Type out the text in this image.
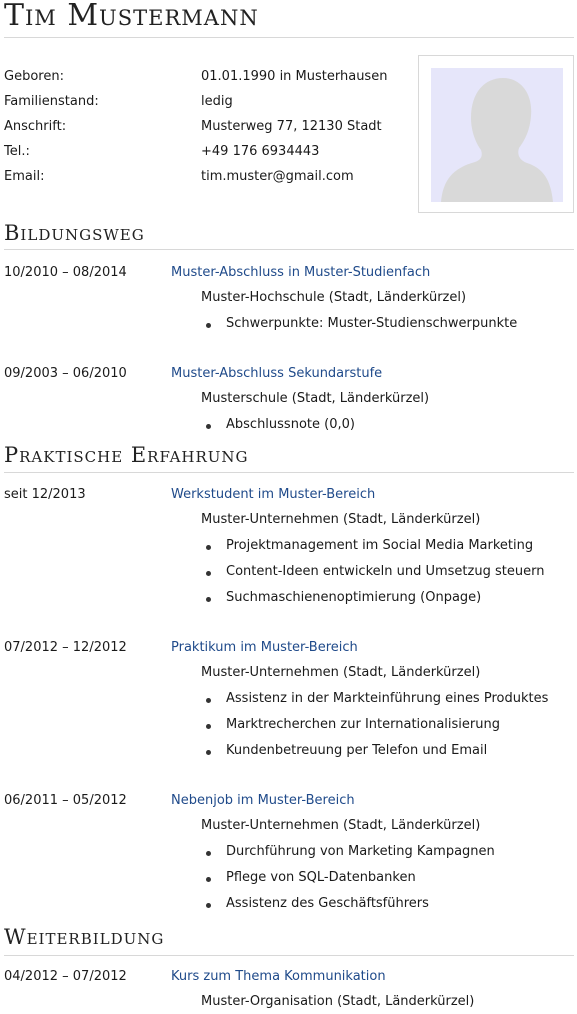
Tim Mustermann
Geboren:	01.01.1990 in Musterhausen
Familienstand:	ledig
Anschrift:	Musterweg 77, 12130 Stadt
Tel.:	+49 176 6934443
Email:	tim.muster@gmail.com
Bildungsweg
10/2010 – 08/2014	Muster-Abschluss in Muster-Studienfach
Muster-Hochschule (Stadt, Länderkürzel)
Schwerpunkte: Muster-Studienschwerpunkte
09/2003 – 06/2010	Muster-Abschluss Sekundarstufe
Musterschule (Stadt, Länderkürzel)
Abschlussnote (0,0)
Praktische Erfahrung
seit 12/2013	Werkstudent im Muster-Bereich
Muster-Unternehmen (Stadt, Länderkürzel)
Projektmanagement im Social Media Marketing
Content-Ideen entwickeln und Umsetzug steuern
Suchmaschienenoptimierung (Onpage)
07/2012 – 12/2012	Praktikum im Muster-Bereich
Muster-Unternehmen (Stadt, Länderkürzel)
Assistenz in der Markteinführung eines Produktes
Marktrecherchen zur Internationalisierung
Kundenbetreuung per Telefon und Email
06/2011 – 05/2012	Nebenjob im Muster-Bereich
Muster-Unternehmen (Stadt, Länderkürzel)
Durchführung von Marketing Kampagnen
Pflege von SQL-Datenbanken
Assistenz des Geschäftsführers
Weiterbildung
04/2012 – 07/2012	Kurs zum Thema Kommunikation
Muster-Organisation (Stadt, Länderkürzel)
